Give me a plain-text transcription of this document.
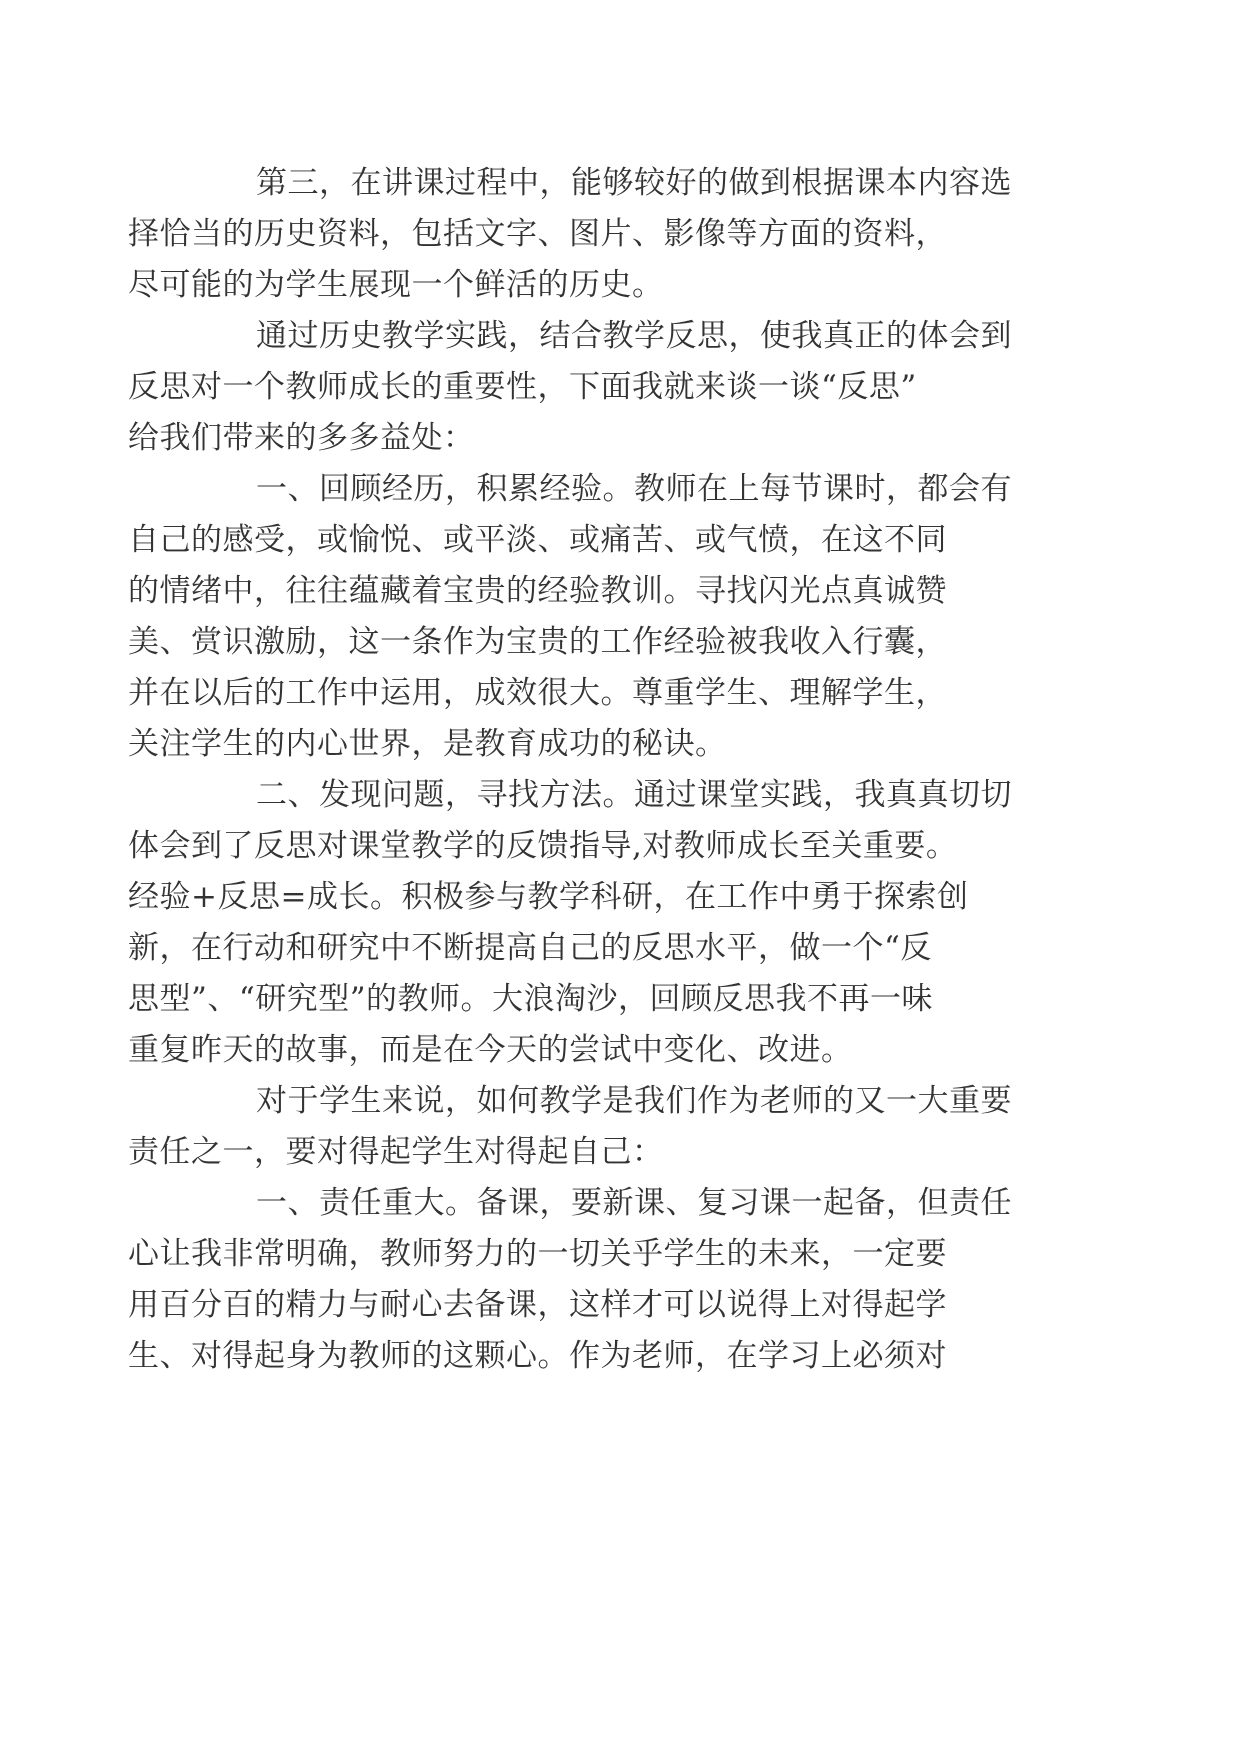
第三，在讲课过程中，能够较好的做到根据课本内容选
择恰当的历史资料，包括文字、图片、影像等方面的资料，
尽可能的为学生展现一个鲜活的历史。

通过历史教学实践，结合教学反思，使我真正的体会到
反思对一个教师成长的重要性，下面我就来谈一谈“反思”
给我们带来的多多益处：

一、回顾经历，积累经验。教师在上每节课时，都会有
自己的感受，或愉悦、或平淡、或痛苦、或气愤，在这不同
的情绪中，往往蕴藏着宝贵的经验教训。寻找闪光点真诚赞
美、赏识激励，这一条作为宝贵的工作经验被我收入行囊，
并在以后的工作中运用，成效很大。尊重学生、理解学生，
关注学生的内心世界，是教育成功的秘诀。

二、发现问题，寻找方法。通过课堂实践，我真真切切
体会到了反思对课堂教学的反馈指导,对教师成长至关重要。
经验+反思=成长。积极参与教学科研，在工作中勇于探索创
新，在行动和研究中不断提高自己的反思水平，做一个“反
思型”、“研究型”的教师。大浪淘沙，回顾反思我不再一味
重复昨天的故事，而是在今天的尝试中变化、改进。

对于学生来说，如何教学是我们作为老师的又一大重要
责任之一，要对得起学生对得起自己：

一、责任重大。备课，要新课、复习课一起备，但责任
心让我非常明确，教师努力的一切关乎学生的未来，一定要
用百分百的精力与耐心去备课，这样才可以说得上对得起学
生、对得起身为教师的这颗心。作为老师，在学习上必须对
